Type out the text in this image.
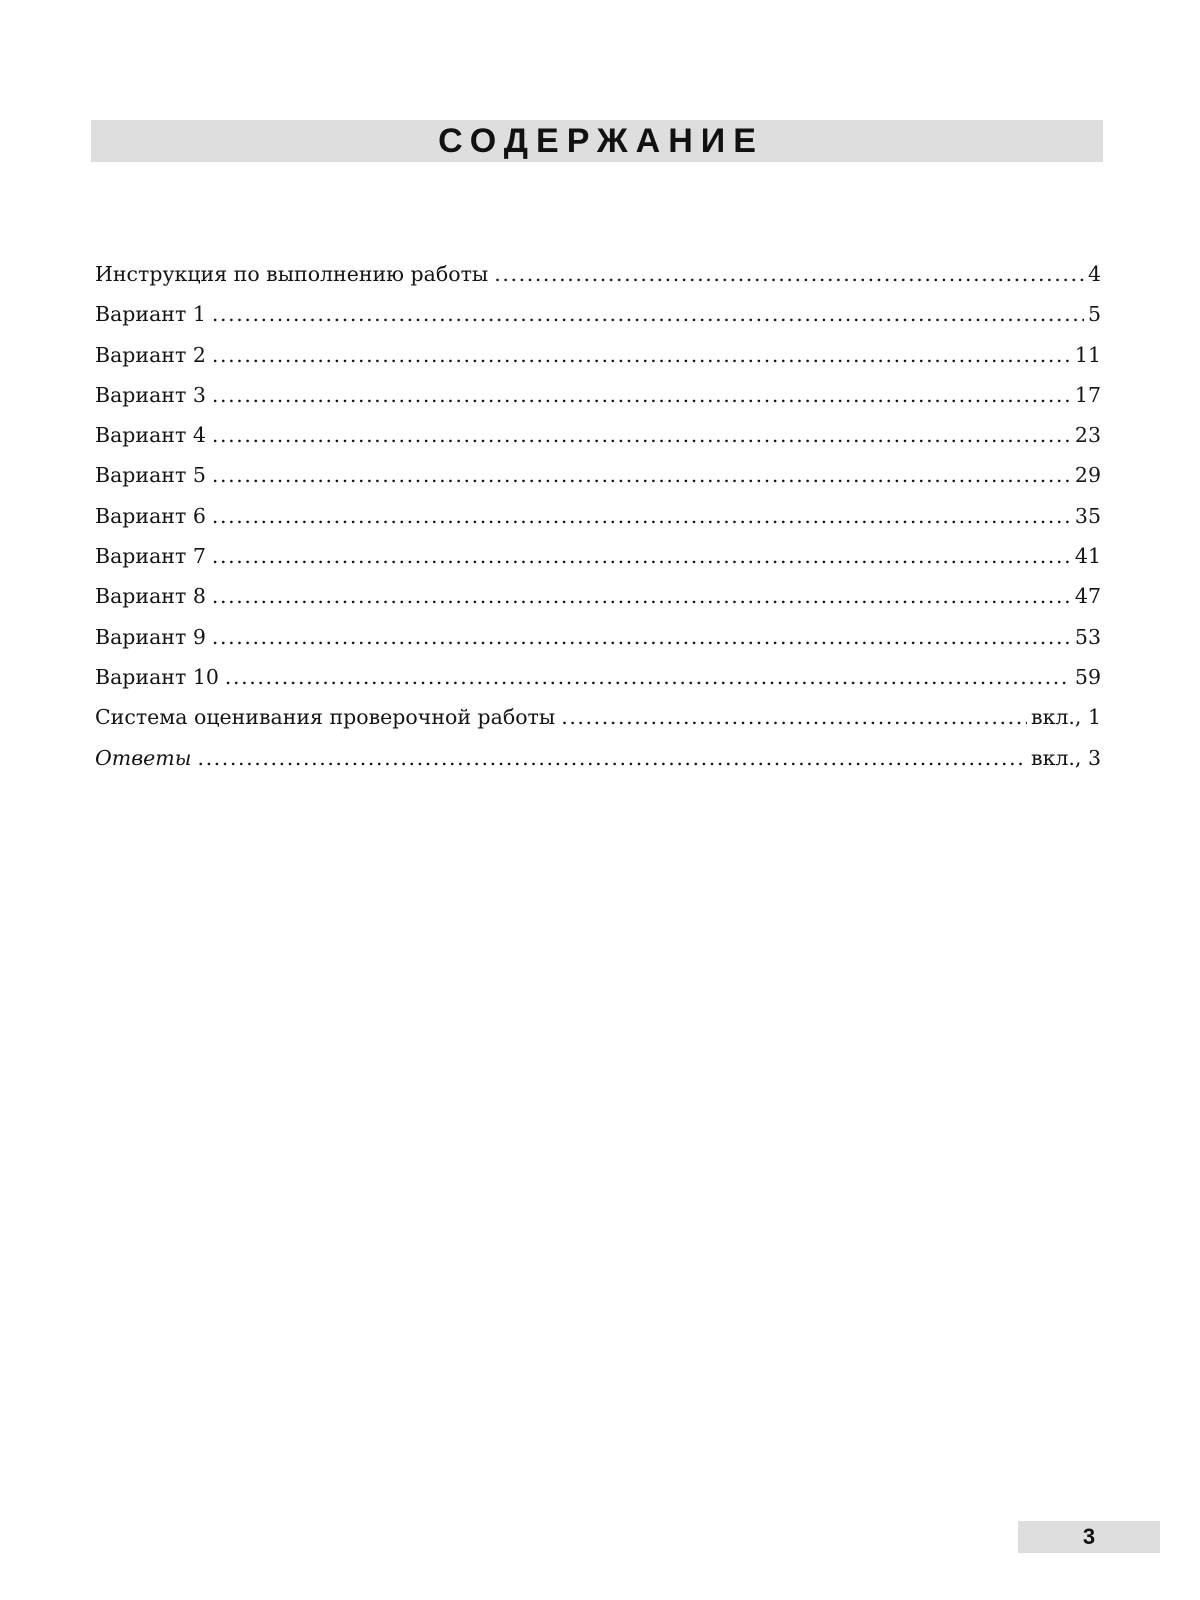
СОДЕРЖАНИЕ
Инструкция по выполнению работы .....	4
Вариант 1 .....	5
Вариант 2 .....	11
Вариант 3 .....	17
Вариант 4 .....	23
Вариант 5 .....	29
Вариант 6 .....	35
Вариант 7 .....	41
Вариант 8 .....	47
Вариант 9 .....	53
Вариант 10 .....	59
Система оценивания проверочной работы .....	вкл., 1
Ответы .....	вкл., 3
3
